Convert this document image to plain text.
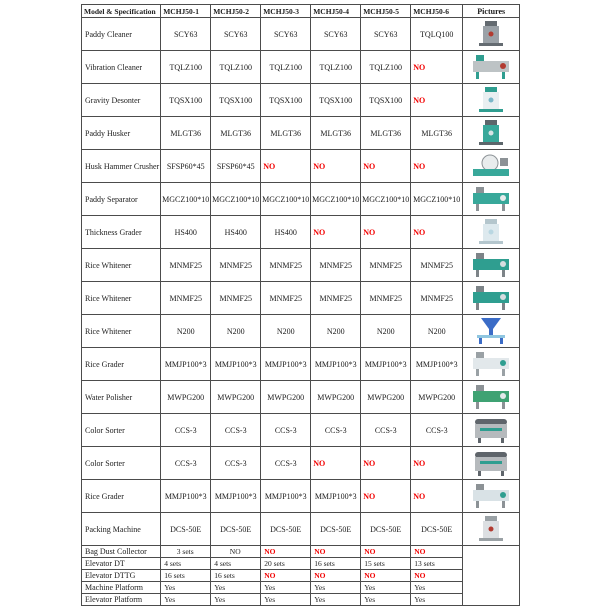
Model & Specification	MCHJ50-1	MCHJ50-2	MCHJ50-3	MCHJ50-4	MCHJ50-5	MCHJ50-6	Pictures
Paddy Cleaner	SCY63	SCY63	SCY63	SCY63	SCY63	TQLQ100	

Vibration Cleaner	TQLZ100	TQLZ100	TQLZ100	TQLZ100	TQLZ100	NO	

Gravity Desonter	TQSX100	TQSX100	TQSX100	TQSX100	TQSX100	NO	

Paddy Husker	MLGT36	MLGT36	MLGT36	MLGT36	MLGT36	MLGT36	

Husk Hammer Crusher	SFSP60*45	SFSP60*45	NO	NO	NO	NO	

Paddy Separator	MGCZ100*10	MGCZ100*10	MGCZ100*10	MGCZ100*10	MGCZ100*10	MGCZ100*10	

Thickness Grader	HS400	HS400	HS400	NO	NO	NO	

Rice Whitener	MNMF25	MNMF25	MNMF25	MNMF25	MNMF25	MNMF25	

Rice Whitener	MNMF25	MNMF25	MNMF25	MNMF25	MNMF25	MNMF25	

Rice Whitener	N200	N200	N200	N200	N200	N200	

Rice Grader	MMJP100*3	MMJP100*3	MMJP100*3	MMJP100*3	MMJP100*3	MMJP100*3	

Water Polisher	MWPG200	MWPG200	MWPG200	MWPG200	MWPG200	MWPG200	

Color Sorter	CCS-3	CCS-3	CCS-3	CCS-3	CCS-3	CCS-3	

Color Sorter	CCS-3	CCS-3	CCS-3	NO	NO	NO	

Rice Grader	MMJP100*3	MMJP100*3	MMJP100*3	MMJP100*3	NO	NO	

Packing Machine	DCS-50E	DCS-50E	DCS-50E	DCS-50E	DCS-50E	DCS-50E	

Bag Dust Collector	3 sets	NO	NO	NO	NO	NO	
Elevator DT	4 sets	4 sets	20 sets	16 sets	15 sets	13 sets	
Elevator DTTG	16 sets	16 sets	NO	NO	NO	NO	
Machine Platform	Yes	Yes	Yes	Yes	Yes	Yes	
Elevator Platform	Yes	Yes	Yes	Yes	Yes	Yes	
